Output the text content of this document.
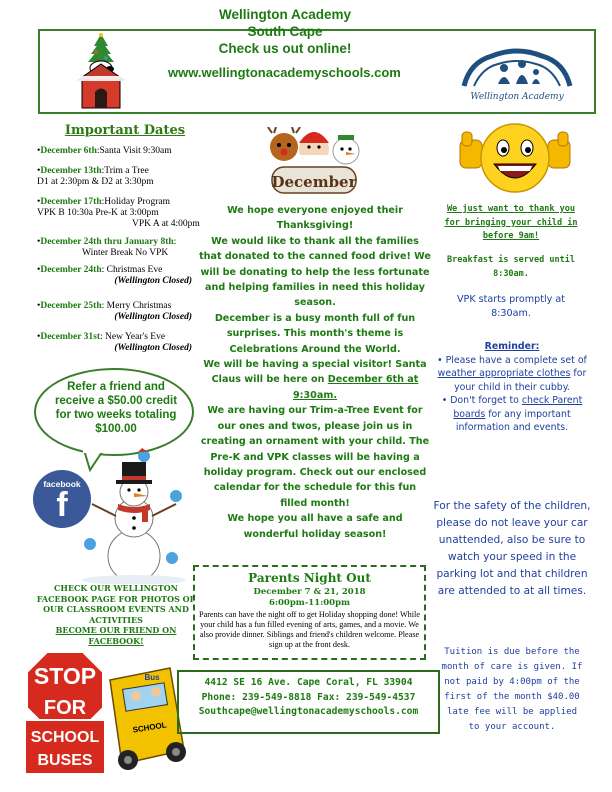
Wellington Academy
South Cape
Check us out online!
www.wellingtonacademyschools.com
Wellington Academy
Important Dates
•December 6th:Santa Visit 9:30am
•December 13th:Trim a Tree
D1 at 2:30pm & D2 at 3:30pm
•December 17th:Holiday Program
VPK B 10:30a Pre-K at 3:00pm
VPK A at 4:00pm
•December 24th thru January 8th:
Winter Break No VPK
•December 24th: Christmas Eve
(Wellington Closed)
•December 25th: Merry Christmas
(Wellington Closed)
•December 31st: New Year's Eve
(Wellington Closed)
Refer a friend and receive a $50.00 credit for two weeks totaling $100.00
facebook
f
CHECK OUR WELLINGTON FACEBOOK PAGE FOR PHOTOS OF OUR CLASSROOM EVENTS AND ACTIVITIES
BECOME OUR FRIEND ON FACEBOOK!
STOP
FOR
SCHOOL
BUSES
Bus
SCHOOL
December
We hope everyone enjoyed their Thanksgiving!
We would like to thank all the families that donated to the canned food drive! We will be donating to help the less fortunate and helping families in need this holiday season.
December is a busy month full of fun surprises. This month's theme is Celebrations Around the World.
We will be having a special visitor! Santa Claus will be here on December 6th at 9:30am.
We are having our Trim-a-Tree Event for our ones and twos, please join us in creating an ornament with your child. The Pre-K and VPK classes will be having a holiday program. Check out our enclosed calendar for the schedule for this fun filled month!
We hope you all have a safe and wonderful holiday season!
Parents Night Out
December 7 & 21, 2018
6:00pm-11:00pm
Parents can have the night off to get Holiday shopping done! While your child has a fun filled evening of arts, games, and a movie. We also provide dinner. Siblings and friend's children welcome. Please sign up at the front desk.
4412 SE 16 Ave. Cape Coral, FL 33904
Phone: 239-549-8818 Fax: 239-549-4537
Southcape@wellingtonacademyschools.com
We just want to thank you for bringing your child in before 9am!
Breakfast is served until 8:30am.
VPK starts promptly at 8:30am.
Reminder:
• Please have a complete set of weather appropriate clothes for your child in their cubby.
• Don't forget to check Parent boards for any important information and events.
For the safety of the children, please do not leave your car unattended, also be sure to watch your speed in the parking lot and that children are attended to at all times.
Tuition is due before the month of care is given. If not paid by 4:00pm of the first of the month $40.00 late fee will be applied to your account.
